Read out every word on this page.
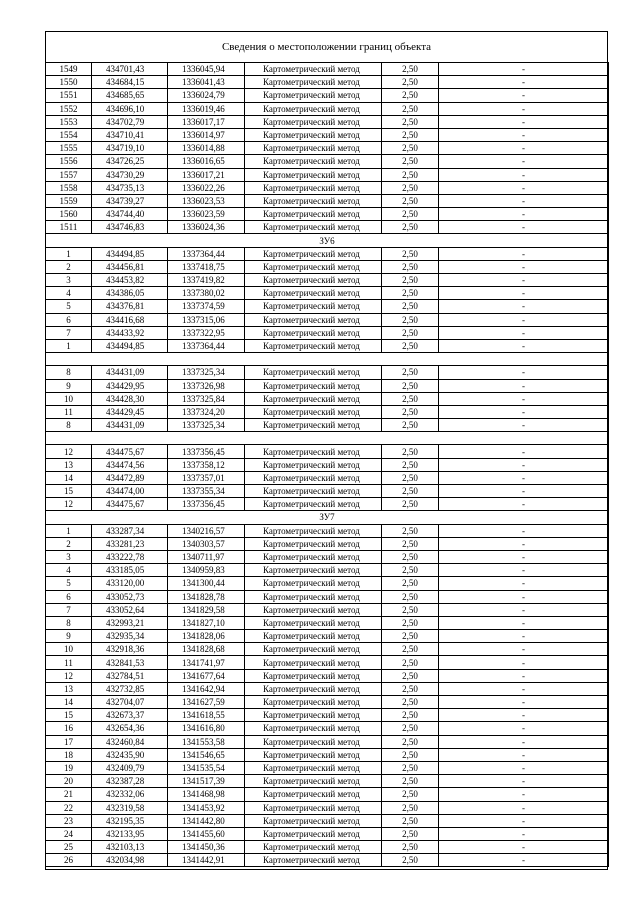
Сведения о местоположении границ объекта
1549	434701,43	1336045,94	Картометрический метод	2,50	-
1550	434684,15	1336041,43	Картометрический метод	2,50	-
1551	434685,65	1336024,79	Картометрический метод	2,50	-
1552	434696,10	1336019,46	Картометрический метод	2,50	-
1553	434702,79	1336017,17	Картометрический метод	2,50	-
1554	434710,41	1336014,97	Картометрический метод	2,50	-
1555	434719,10	1336014,88	Картометрический метод	2,50	-
1556	434726,25	1336016,65	Картометрический метод	2,50	-
1557	434730,29	1336017,21	Картометрический метод	2,50	-
1558	434735,13	1336022,26	Картометрический метод	2,50	-
1559	434739,27	1336023,53	Картометрический метод	2,50	-
1560	434744,40	1336023,59	Картометрический метод	2,50	-
1511	434746,83	1336024,36	Картометрический метод	2,50	-
ЗУ6					
1	434494,85	1337364,44	Картометрический метод	2,50	-
2	434456,81	1337418,75	Картометрический метод	2,50	-
3	434453,82	1337419,82	Картометрический метод	2,50	-
4	434386,05	1337380,02	Картометрический метод	2,50	-
5	434376,81	1337374,59	Картометрический метод	2,50	-
6	434416,68	1337315,06	Картометрический метод	2,50	-
7	434433,92	1337322,95	Картометрический метод	2,50	-
1	434494,85	1337364,44	Картометрический метод	2,50	-

8	434431,09	1337325,34	Картометрический метод	2,50	-
9	434429,95	1337326,98	Картометрический метод	2,50	-
10	434428,30	1337325,84	Картометрический метод	2,50	-
11	434429,45	1337324,20	Картометрический метод	2,50	-
8	434431,09	1337325,34	Картометрический метод	2,50	-

12	434475,67	1337356,45	Картометрический метод	2,50	-
13	434474,56	1337358,12	Картометрический метод	2,50	-
14	434472,89	1337357,01	Картометрический метод	2,50	-
15	434474,00	1337355,34	Картометрический метод	2,50	-
12	434475,67	1337356,45	Картометрический метод	2,50	-
ЗУ7					
1	433287,34	1340216,57	Картометрический метод	2,50	-
2	433281,23	1340303,57	Картометрический метод	2,50	-
3	433222,78	1340711,97	Картометрический метод	2,50	-
4	433185,05	1340959,83	Картометрический метод	2,50	-
5	433120,00	1341300,44	Картометрический метод	2,50	-
6	433052,73	1341828,78	Картометрический метод	2,50	-
7	433052,64	1341829,58	Картометрический метод	2,50	-
8	432993,21	1341827,10	Картометрический метод	2,50	-
9	432935,34	1341828,06	Картометрический метод	2,50	-
10	432918,36	1341828,68	Картометрический метод	2,50	-
11	432841,53	1341741,97	Картометрический метод	2,50	-
12	432784,51	1341677,64	Картометрический метод	2,50	-
13	432732,85	1341642,94	Картометрический метод	2,50	-
14	432704,07	1341627,59	Картометрический метод	2,50	-
15	432673,37	1341618,55	Картометрический метод	2,50	-
16	432654,36	1341616,80	Картометрический метод	2,50	-
17	432460,84	1341553,58	Картометрический метод	2,50	-
18	432435,90	1341546,65	Картометрический метод	2,50	-
19	432409,79	1341535,54	Картометрический метод	2,50	-
20	432387,28	1341517,39	Картометрический метод	2,50	-
21	432332,06	1341468,98	Картометрический метод	2,50	-
22	432319,58	1341453,92	Картометрический метод	2,50	-
23	432195,35	1341442,80	Картометрический метод	2,50	-
24	432133,95	1341455,60	Картометрический метод	2,50	-
25	432103,13	1341450,36	Картометрический метод	2,50	-
26	432034,98	1341442,91	Картометрический метод	2,50	-
